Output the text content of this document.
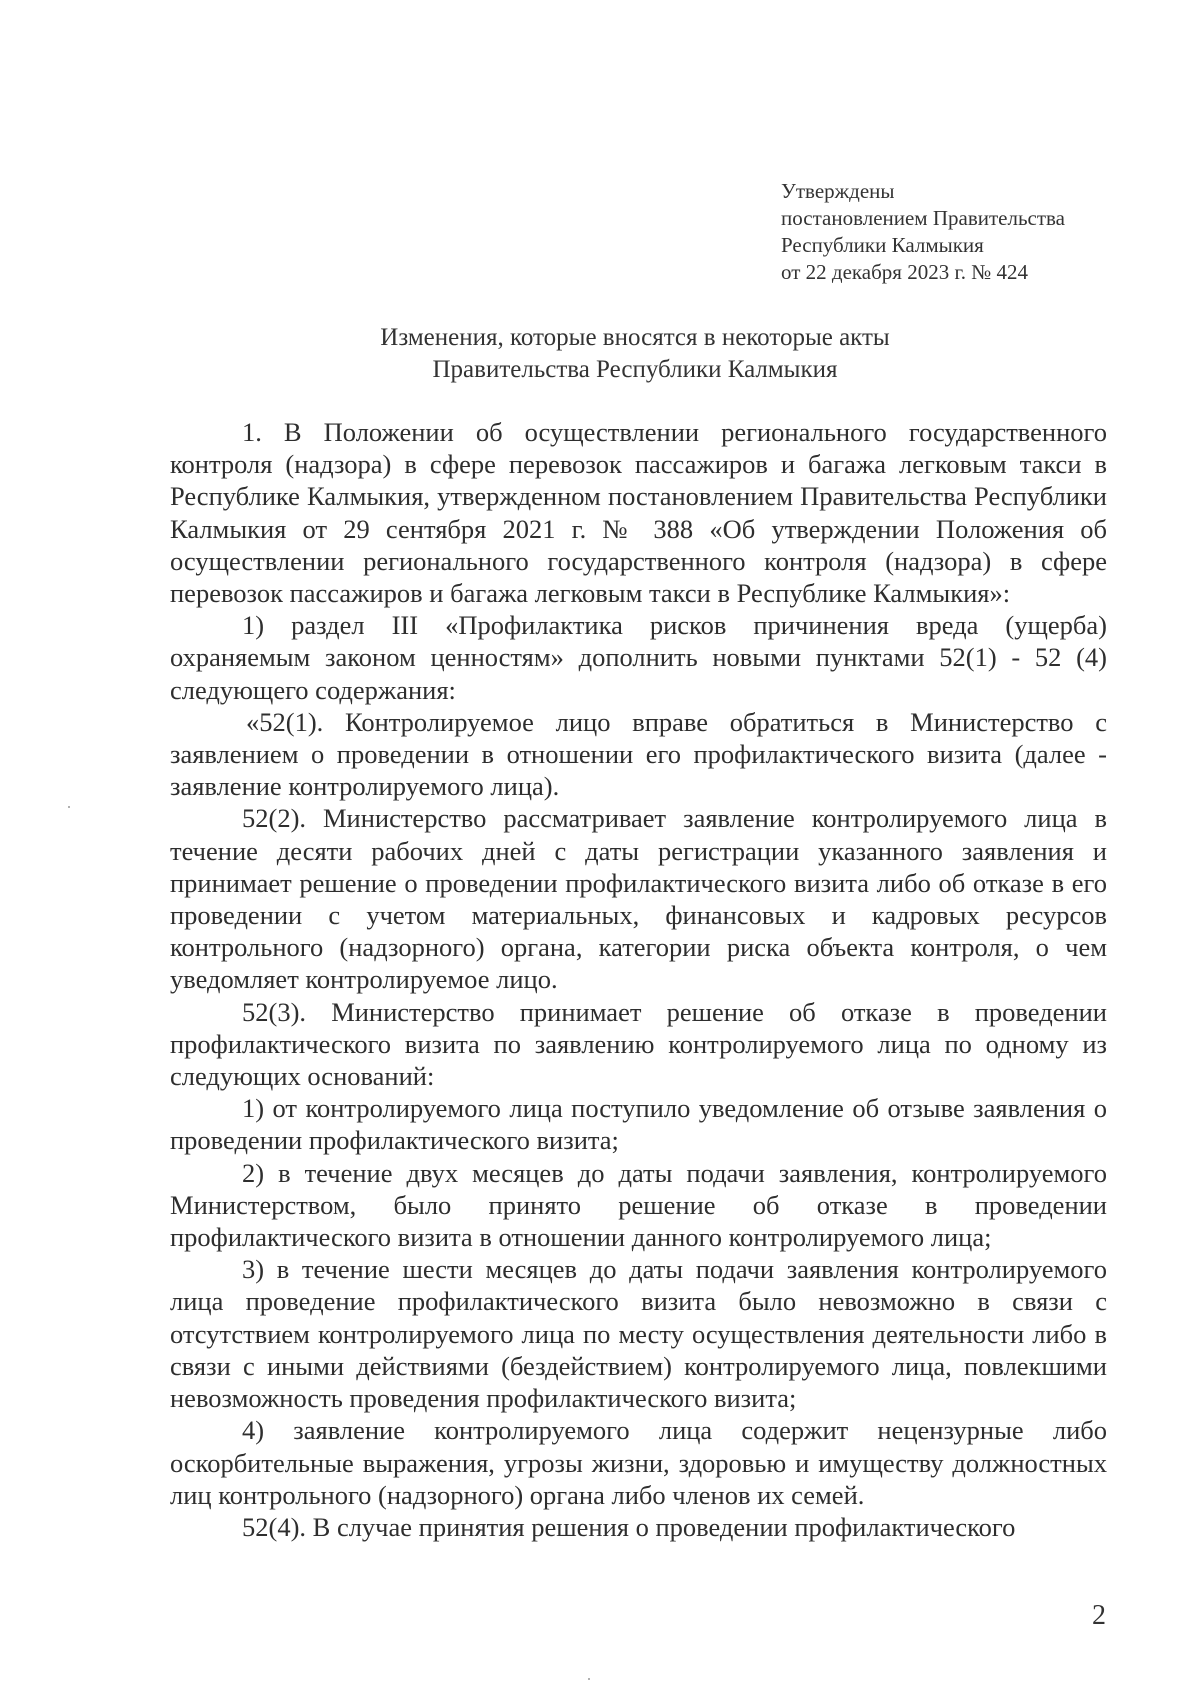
Утверждены
постановлением Правительства
Республики Калмыкия
от 22 декабря 2023 г. № 424
Изменения, которые вносятся в некоторые акты
Правительства Республики Калмыкия

1. В Положении об осуществлении регионального государственного контроля (надзора) в сфере перевозок пассажиров и багажа легковым такси в Республике Калмыкия, утвержденном постановлением Правительства Республики Калмыкия от 29 сентября 2021 г. № 388 «Об утверждении Положения об осуществлении регионального государственного контроля (надзора) в сфере перевозок пассажиров и багажа легковым такси в Республике Калмыкия»:

1) раздел III «Профилактика рисков причинения вреда (ущерба) охраняемым законом ценностям» дополнить новыми пунктами 52(1) - 52 (4) следующего содержания:

«52(1). Контролируемое лицо вправе обратиться в Министерство с заявлением о проведении в отношении его профилактического визита (далее - заявление контролируемого лица).

52(2). Министерство рассматривает заявление контролируемого лица в течение десяти рабочих дней с даты регистрации указанного заявления и принимает решение о проведении профилактического визита либо об отказе в его проведении с учетом материальных, финансовых и кадровых ресурсов контрольного (надзорного) органа, категории риска объекта контроля, о чем уведомляет контролируемое лицо.

52(3). Министерство принимает решение об отказе в проведении профилактического визита по заявлению контролируемого лица по одному из следующих оснований:

1) от контролируемого лица поступило уведомление об отзыве заявления о проведении профилактического визита;

2) в течение двух месяцев до даты подачи заявления, контролируемого Министерством, было принято решение об отказе в проведении профилактического визита в отношении данного контролируемого лица;

3) в течение шести месяцев до даты подачи заявления контролируемого лица проведение профилактического визита было невозможно в связи с отсутствием контролируемого лица по месту осуществления деятельности либо в связи с иными действиями (бездействием) контролируемого лица, повлекшими невозможность проведения профилактического визита;

4) заявление контролируемого лица содержит нецензурные либо оскорбительные выражения, угрозы жизни, здоровью и имуществу должностных лиц контрольного (надзорного) органа либо членов их семей.

52(4). В случае принятия решения о проведении профилактического

2
